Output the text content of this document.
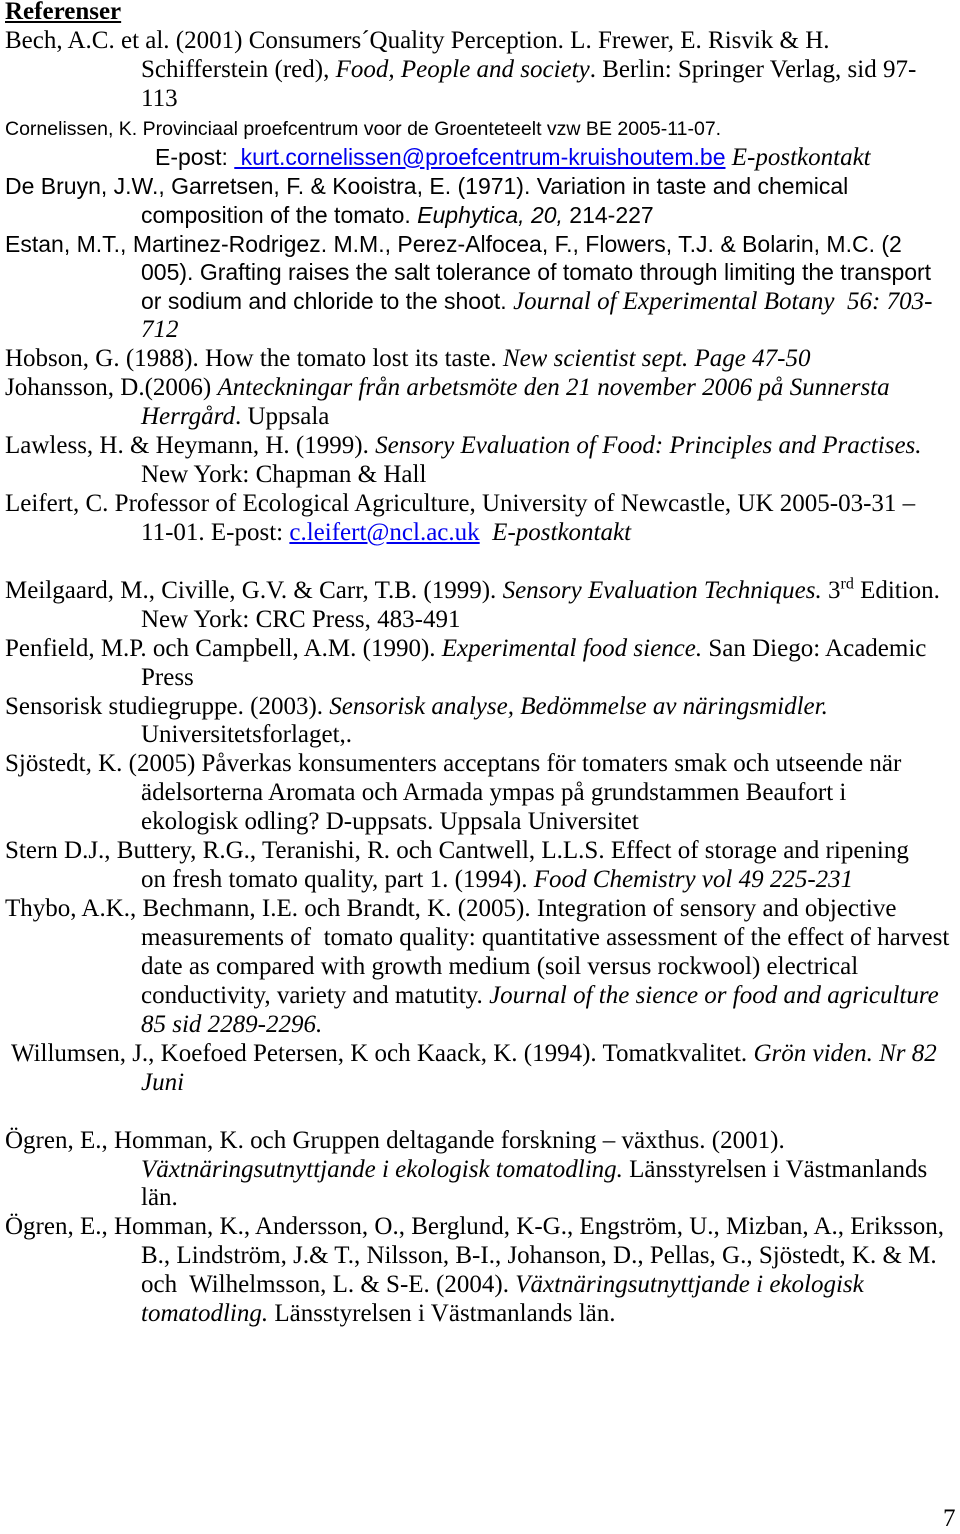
Referenser
Bech, A.C. et al. (2001) Consumers´Quality Perception. L. Frewer, E. Risvik & H.
Schifferstein (red), Food, People and society. Berlin: Springer Verlag, sid 97-
113
Cornelissen, K. Provinciaal proefcentrum voor de Groenteteelt vzw BE 2005-11-07.
E-post:  kurt.cornelissen@proefcentrum-kruishoutem.be E-postkontakt
De Bruyn, J.W., Garretsen, F. & Kooistra, E. (1971). Variation in taste and chemical
composition of the tomato. Euphytica, 20, 214-227
Estan, M.T., Martinez-Rodrigez. M.M., Perez-Alfocea, F., Flowers, T.J. & Bolarin, M.C. (2
005). Grafting raises the salt tolerance of tomato through limiting the transport
or sodium and chloride to the shoot. Journal of Experimental Botany  56: 703-
712
Hobson, G. (1988). How the tomato lost its taste. New scientist sept. Page 47-50
Johansson, D.(2006) Anteckningar från arbetsmöte den 21 november 2006 på Sunnersta
Herrgård. Uppsala
Lawless, H. & Heymann, H. (1999). Sensory Evaluation of Food: Principles and Practises.
New York: Chapman & Hall
Leifert, C. Professor of Ecological Agriculture, University of Newcastle, UK 2005-03-31 –
11-01. E-post: c.leifert@ncl.ac.uk  E-postkontakt
Meilgaard, M., Civille, G.V. & Carr, T.B. (1999). Sensory Evaluation Techniques. 3rd Edition.
New York: CRC Press, 483-491
Penfield, M.P. och Campbell, A.M. (1990). Experimental food sience. San Diego: Academic
Press
Sensorisk studiegruppe. (2003). Sensorisk analyse, Bedömmelse av näringsmidler.
Universitetsforlaget,.
Sjöstedt, K. (2005) Påverkas konsumenters acceptans för tomaters smak och utseende när
ädelsorterna Aromata och Armada ympas på grundstammen Beaufort i
ekologisk odling? D-uppsats. Uppsala Universitet
Stern D.J., Buttery, R.G., Teranishi, R. och Cantwell, L.L.S. Effect of storage and ripening
on fresh tomato quality, part 1. (1994). Food Chemistry vol 49 225-231
Thybo, A.K., Bechmann, I.E. och Brandt, K. (2005). Integration of sensory and objective
measurements of  tomato quality: quantitative assessment of the effect of harvest
date as compared with growth medium (soil versus rockwool) electrical
conductivity, variety and matutity. Journal of the sience or food and agriculture
85 sid 2289-2296.
Willumsen, J., Koefoed Petersen, K och Kaack, K. (1994). Tomatkvalitet. Grön viden. Nr 82
Juni
Ögren, E., Homman, K. och Gruppen deltagande forskning – växthus. (2001).
Växtnäringsutnyttjande i ekologisk tomatodling. Länsstyrelsen i Västmanlands
län.
Ögren, E., Homman, K., Andersson, O., Berglund, K-G., Engström, U., Mizban, A., Eriksson,
B., Lindström, J.& T., Nilsson, B-I., Johanson, D., Pellas, G., Sjöstedt, K. & M.
och  Wilhelmsson, L. & S-E. (2004). Växtnäringsutnyttjande i ekologisk
tomatodling. Länsstyrelsen i Västmanlands län.
7
